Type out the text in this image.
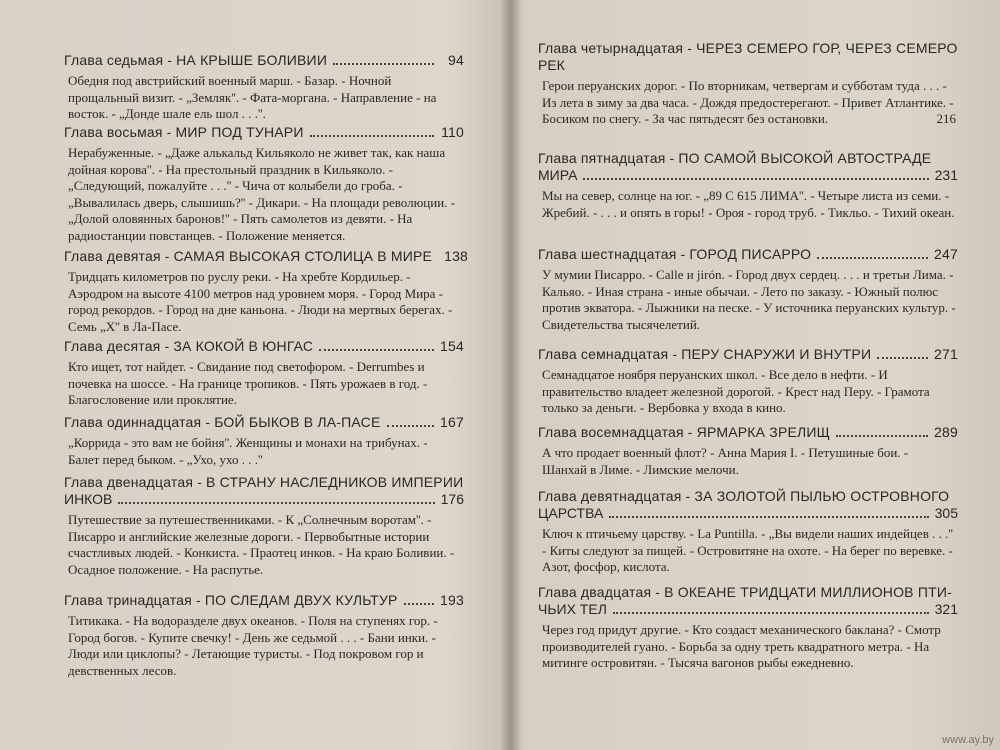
Глава седьмая - НА КРЫШЕ БОЛИВИИ	94
Обедня под австрийский военный марш. - Базар. - Ночной прощальный визит. - „Земляк''. - Фата-моргана. - Направление - на восток. - „Донде шале ель шол . . .''.
Глава восьмая - МИР ПОД ТУНАРИ	110
Нерабуженные. - „Даже алькальд Кильяколо не живет так, как наша дойная корова''. - На престольный праздник в Кильяколо. - „Следующий, пожалуйте . . .'' - Чича от колыбели до гроба. - „Вывалилась дверь, слышишь?'' - Дикари. - На площади революции. - „Долой оловянных баронов!'' - Пять самолетов из девяти. - На радиостанции повстанцев. - Положение меняется.
Глава девятая - САМАЯ ВЫСОКАЯ СТОЛИЦА В МИРЕ 138
Тридцать километров по руслу реки. - На хребте Кордильер. - Аэродром на высоте 4100 метров над уровнем моря. - Город Мира - город рекордов. - Город на дне каньона. - Люди на мертвых берегах. - Семь „Х'' в Ла-Пасе.
Глава десятая - ЗА КОКОЙ В ЮНГАС	154
Кто ищет, тот найдет. - Свидание под светофором. - Derrumbes и почевка на шоссе. - На границе тропиков. - Пять урожаев в год. - Благословение или проклятие.
Глава одиннадцатая - БОЙ БЫКОВ В ЛА-ПАСЕ	167
„Коррида - это вам не бойня''. Женщины и монахи на трибунах. - Балет перед быком. - „Ухо, ухо . . .''
Глава двенадцатая - В СТРАНУ НАСЛЕДНИКОВ ИМПЕРИИ
ИНКОВ	176
Путешествие за путешественниками. - К „Солнечным воротам''. - Писарро и английские железные дороги. - Первобытные истории счастливых людей. - Конкиста. - Праотец инков. - На краю Боливии. - Осадное положение. - На распутье.
Глава тринадцатая - ПО СЛЕДАМ ДВУХ КУЛЬТУР	193
Титикака. - На водоразделе двух океанов. - Поля на ступенях гор. - Город богов. - Купите свечку! - День же седьмой . . . - Бани инки. - Люди или циклопы? - Летающие туристы. - Под покровом гор и девственных лесов.
Глава четырнадцатая - ЧЕРЕЗ СЕМЕРО ГОР, ЧЕРЕЗ СЕМЕРО
РЕК
Герои перуанских дорог. - По вторникам, четвергам и субботам туда . . . - Из лета в зиму за два часа. - Дождя предостерегают. - Привет Атлантике. - Босиком по снегу. - За час пятьдесят без остановки.	216
Глава пятнадцатая - ПО САМОЙ ВЫСОКОЙ АВТОСТРАДЕ
МИРА	231
Мы на север, солнце на юг. - „89 С 615 ЛИМА''. - Четыре листа из семи. - Жребий. - . . . и опять в горы! - Ороя - город труб. - Тикльо. - Тихий океан.
Глава шестнадцатая - ГОРОД ПИСАРРО	247
У мумии Писарро. - Calle и jirón. - Город двух сердец. . . . и третьи Лима. - Кальяо. - Иная страна - иные обычаи. - Лето по заказу. - Южный полюс против экватора. - Лыжники на песке. - У источника перуанских культур. - Свидетельства тысячелетий.
Глава семнадцатая - ПЕРУ СНАРУЖИ И ВНУТРИ	271
Семнадцатое ноября перуанских школ. - Все дело в нефти. - И правительство владеет железной дорогой. - Крест над Перу. - Грамота только за деньги. - Вербовка у входа в кино.
Глава восемнадцатая - ЯРМАРКА ЗРЕЛИЩ	289
А что продает военный флот? - Анна Мария I. - Петушиные бои. - Шанхай в Лиме. - Лимские мелочи.
Глава девятнадцатая - ЗА ЗОЛОТОЙ ПЫЛЬЮ ОСТРОВНОГО
ЦАРСТВА	305
Ключ к птичьему царству. - La Puntilla. - „Вы видели наших индейцев . . .'' - Киты следуют за пищей. - Островитяне на охоте. - На берег по веревке. - Азот, фосфор, кислота.
Глава двадцатая - В ОКЕАНЕ ТРИДЦАТИ МИЛЛИОНОВ ПТИ-
ЧЬИХ ТЕЛ	321
Через год придут другие. - Кто создаст механического баклана? - Смотр производителей гуано. - Борьба за одну треть квадратного метра. - На митинге островитян. - Тысяча вагонов рыбы ежедневно.
www.ay.by
